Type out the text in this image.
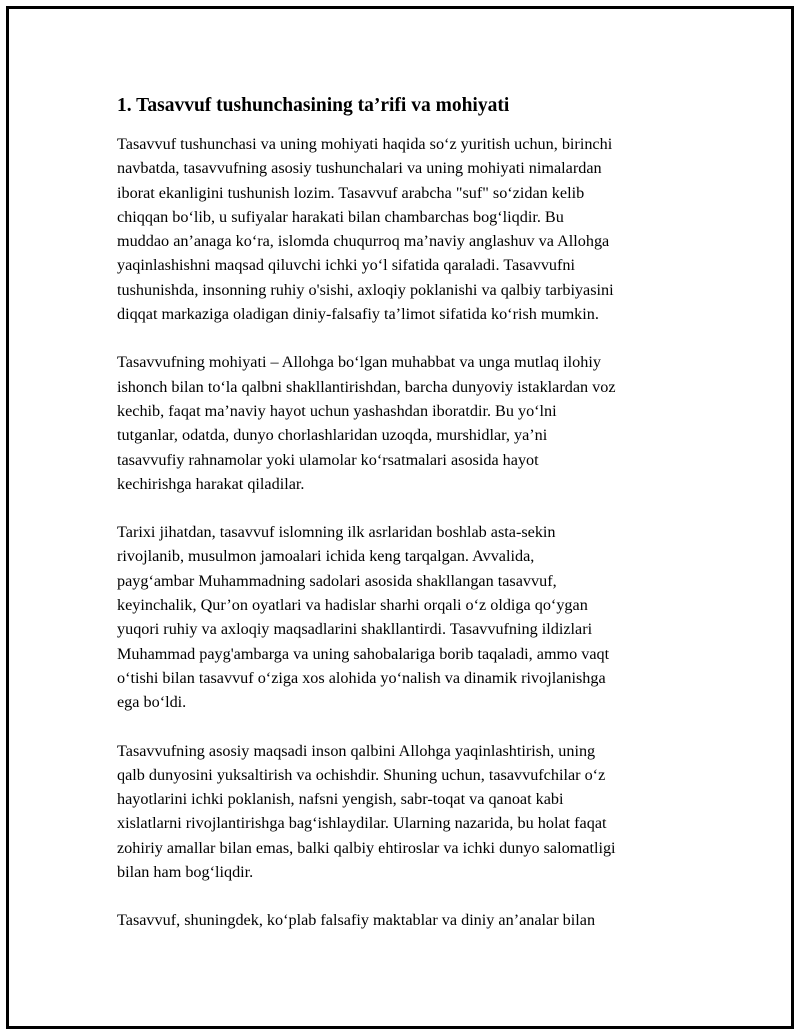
1. Tasavvuf tushunchasining ta’rifi va mohiyati

Tasavvuf tushunchasi va uning mohiyati haqida so‘z yuritish uchun, birinchi
navbatda, tasavvufning asosiy tushunchalari va uning mohiyati nimalardan
iborat ekanligini tushunish lozim. Tasavvuf arabcha "suf" so‘zidan kelib
chiqqan bo‘lib, u sufiyalar harakati bilan chambarchas bog‘liqdir. Bu
muddao an’anaga ko‘ra, islomda chuqurroq ma’naviy anglashuv va Allohga
yaqinlashishni maqsad qiluvchi ichki yo‘l sifatida qaraladi. Tasavvufni
tushunishda, insonning ruhiy o'sishi, axloqiy poklanishi va qalbiy tarbiyasini
diqqat markaziga oladigan diniy-falsafiy ta’limot sifatida ko‘rish mumkin.

Tasavvufning mohiyati – Allohga bo‘lgan muhabbat va unga mutlaq ilohiy
ishonch bilan to‘la qalbni shakllantirishdan, barcha dunyoviy istaklardan voz
kechib, faqat ma’naviy hayot uchun yashashdan iboratdir. Bu yo‘lni
tutganlar, odatda, dunyo chorlashlaridan uzoqda, murshidlar, ya’ni
tasavvufiy rahnamolar yoki ulamolar ko‘rsatmalari asosida hayot
kechirishga harakat qiladilar.

Tarixi jihatdan, tasavvuf islomning ilk asrlaridan boshlab asta-sekin
rivojlanib, musulmon jamoalari ichida keng tarqalgan. Avvalida,
payg‘ambar Muhammadning sadolari asosida shakllangan tasavvuf,
keyinchalik, Qur’on oyatlari va hadislar sharhi orqali o‘z oldiga qo‘ygan
yuqori ruhiy va axloqiy maqsadlarini shakllantirdi. Tasavvufning ildizlari
Muhammad payg'ambarga va uning sahobalariga borib taqaladi, ammo vaqt
o‘tishi bilan tasavvuf o‘ziga xos alohida yo‘nalish va dinamik rivojlanishga
ega bo‘ldi.

Tasavvufning asosiy maqsadi inson qalbini Allohga yaqinlashtirish, uning
qalb dunyosini yuksaltirish va ochishdir. Shuning uchun, tasavvufchilar o‘z
hayotlarini ichki poklanish, nafsni yengish, sabr-toqat va qanoat kabi
xislatlarni rivojlantirishga bag‘ishlaydilar. Ularning nazarida, bu holat faqat
zohiriy amallar bilan emas, balki qalbiy ehtiroslar va ichki dunyo salomatligi
bilan ham bog‘liqdir.

Tasavvuf, shuningdek, ko‘plab falsafiy maktablar va diniy an’analar bilan
